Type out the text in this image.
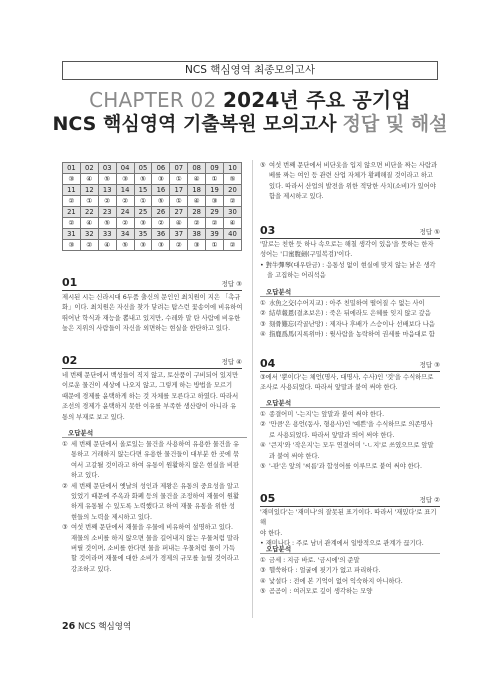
NCS 핵심영역 최종모의고사
CHAPTER 02 2024년 주요 공기업
NCS 핵심영역 기출복원 모의고사 정답 및 해설
01	02	03	04	05	06	07	08	09	10
③	④	⑤	③	⑤	③	①	④	①	⑤
11	12	13	14	15	16	17	18	19	20
②	①	②	②	①	⑤	①	④	③	②
21	22	23	24	25	26	27	28	29	30
②	④	⑤	②	③	②	④	②	②	④
31	32	33	34	35	36	37	38	39	40
③	②	④	⑤	③	③	②	③	①	②
01	정답 ③
제시된 시는 신라시대 6두품 출신의 문인인 최치원이 지은 「촉규
화」이다. 최치원은 자신을 찾가 닿려는 탐스런 꽃송이에 비유하여
뛰어난 학식과 재능을 뽐내고 있지만, 수레와 말 탄 사람에 비유한
높은 지위의 사람들이 자신을 외면하는 현실을 한탄하고 있다.
02	정답 ④
네 번째 문단에서 백성들이 직지 않고, 토산품이 구비되어 있지만
이로운 물건이 세상에 나오지 않고, 그렇게 하는 방법을 모르기
때문에 경제를 윤택하게 하는 것 자체를 모른다고 하였다. 따라서
조선의 경제가 윤택하지 못한 이유를 부족한 생산량이 아니라 유
통의 부재로 보고 있다.
오답분석
① 세 번째 문단에서 올로있는 물건을 사용하여 유용한 물건을 유
통하고 거래하지 않는다면 유용한 물건들이 대부분 한 곳에 묶
여서 고갈될 것이라고 하여 유통이 원활하지 않은 현실을 비판
하고 있다.
② 세 번째 문단에서 옛날의 성인과 제왕은 유통의 중요성을 알고
있었기 때문에 주옥과 화폐 등의 물건을 조정하여 재물이 원활
하게 유통될 수 있도록 노력했다고 하여 재물 유통을 위한 성
현들의 노력을 제시하고 있다.
③ 여섯 번째 문단에서 재물을 우물에 비유하여 설명하고 있다.
재물의 소비를 하지 않으면 물을 길어내지 않는 우물처럼 말라
버릴 것이며, 소비를 한다면 물을 퍼내는 우물처럼 물이 가득
할 것이라며 재물에 대한 소비가 경제의 규모를 늘릴 것이라고
강조하고 있다.
⑤ 여섯 번째 문단에서 비단옷을 입지 않으면 비단을 짜는 사람과
베를 짜는 여인 등 관련 산업 자체가 황폐해질 것이라고 하고
있다. 따라서 산업의 발전을 위한 적당한 사치(소비)가 있어야
함을 제시하고 있다.
03	정답 ⑤
'말로는 친한 듯 하나 속으로는 해칠 생각이 있음'을 뜻하는 한자
성어는 '口蜜腹劍(구밀복검)'이다.
• 對牛彈琴(대우탄금) : 응통성 없이 현실에 맞지 않는 낡은 생각
을 고집하는 어리석음
오답분석
① 水魚之交(수어지교) : 아주 친밀하여 떨어질 수 없는 사이
② 結草報恩(결초보은) : 죽은 뒤에라도 은혜를 잊지 않고 갚음
③ 刻骨難忘(각골난망) : 제자나 후배가 스승이나 선배보다 나음
④ 指鹿爲馬(지록위마) : 윗사람을 농락하여 권세를 마음대로 함
04	정답 ③
③에서 '뿐이다'는 체언(명사, 대명사, 수사)인 '것'을 수식하므로
조사로 사용되었다. 따라서 앞말과 붙여 써야 한다.
오답분석
① 종결어미 '-는지'는 앞말과 붙여 써야 한다.
② '만큼'은 용언(동사, 형용사)인 '예쁜'을 수식하므로 의존명사
로 사용되었다. 따라서 앞말과 띄어 써야 한다.
④ '큰지'와 '작은지'는 모두 연결어미 '-ㄴ지'로 쓰였으므로 앞말
과 붙여 써야 한다.
⑤ '-판'은 앞의 '씨름'과 합성어를 이루므로 붙여 써야 한다.
05	정답 ②
'재미있다'는 '재미나'의 잘못된 표기이다. 따라서 '재밌다'로 표기해
야 한다.
• 재미나다 : 주로 남녀 관계에서 일방적으로 관계가 끊기다.
오답분석
① 금세 : 지금 바로. '금시에'의 준말
③ 헬쑥하다 : 얼굴에 핏기가 없고 파리하다.
④ 낯설다 : 전에 본 기억이 없어 익숙하지 아니하다.
⑤ 곰곰이 : 여러모로 깊이 생각하는 모양
26 NCS 핵심영역
